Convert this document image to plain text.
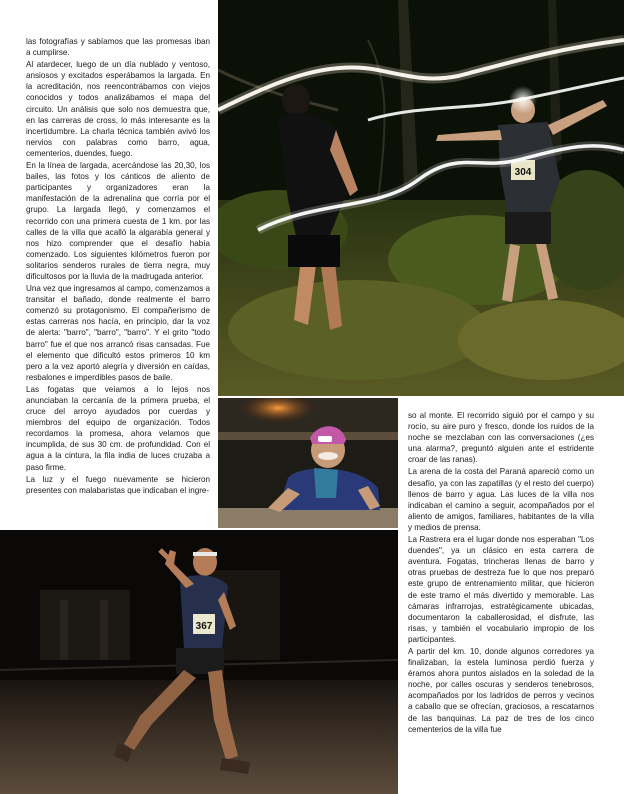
las fotografías y sabíamos que las promesas iban a cumplirse.

Al atardecer, luego de un día nublado y ventoso, ansiosos y excitados esperábamos la largada. En la acreditación, nos reencontrábamos con viejos conocidos y todos analizábamos el mapa del circuito. Un análisis que solo nos demuestra que, en las carreras de cross, lo más interesante es la incertidumbre. La charla técnica también avivó los nervios con palabras como barro, agua, cementerios, duendes, fuego.

En la línea de largada, acercándose las 20,30, los bailes, las fotos y los cánticos de aliento de participantes y organizadores eran la manifestación de la adrenalina que corría por el grupo. La largada llegó, y comenzamos el recorrido con una primera cuesta de 1 km. por las calles de la villa que acalló la algarabía general y nos hizo comprender que el desafío había comenzado. Los siguientes kilómetros fueron por solitarios senderos rurales de tierra negra, muy dificultosos por la lluvia de la madrugada anterior.

Una vez que ingresamos al campo, comenzamos a transitar el bañado, donde realmente el barro comenzó su protagonismo. El compañerismo de estas carreras nos hacía, en principio, dar la voz de alerta: "barro", "barro", "barro". Y el grito "todo barro" fue el que nos arrancó risas cansadas. Fue el elemento que dificultó estos primeros 10 km pero a la vez aportó alegría y diversión en caídas, resbalones e imperdibles pasos de baile.

Las fogatas que veíamos a lo lejos nos anunciaban la cercanía de la primera prueba, el cruce del arroyo ayudados por cuerdas y miembros del equipo de organización. Todos recordamos la promesa, ahora velamos que incumplida, de sus 30 cm. de profundidad. Con el agua a la cintura, la fila india de luces cruzaba a paso firme.

La luz y el fuego nuevamente se hicieron presentes con malabaristas que indicaban el ingre-

so al monte. El recorrido siguió por el campo y su rocío, su aire puro y fresco, donde los ruidos de la noche se mezclaban con las conversaciones (¿es una alarma?, preguntó alguien ante el estridente croar de las ranas).

La arena de la costa del Paraná apareció como un desafío, ya con las zapatillas (y el resto del cuerpo) llenos de barro y agua. Las luces de la villa nos indicaban el camino a seguir, acompañados por el aliento de amigos, familiares, habitantes de la villa y medios de prensa.

La Rastrera era el lugar donde nos esperaban "Los duendes", ya un clásico en esta carrera de aventura. Fogatas, trincheras llenas de barro y otras pruebas de destreza fue lo que nos preparó este grupo de entrenamiento militar, que hicieron de este tramo el más divertido y memorable. Las cámaras infrarrojas, estratégicamente ubicadas, documentaron la caballerosidad, el disfrute, las risas, y también el vocabulario impropio de los participantes.

A partir del km. 10, donde algunos corredores ya finalizaban, la estela luminosa perdió fuerza y éramos ahora puntos aislados en la soledad de la noche, por calles oscuras y senderos tenebrosos, acompañados por los ladridos de perros y vecinos a caballo que se ofrecían, graciosos, a rescatarnos de las banquinas. La paz de tres de los cinco cementerios de la villa fue

304
367
